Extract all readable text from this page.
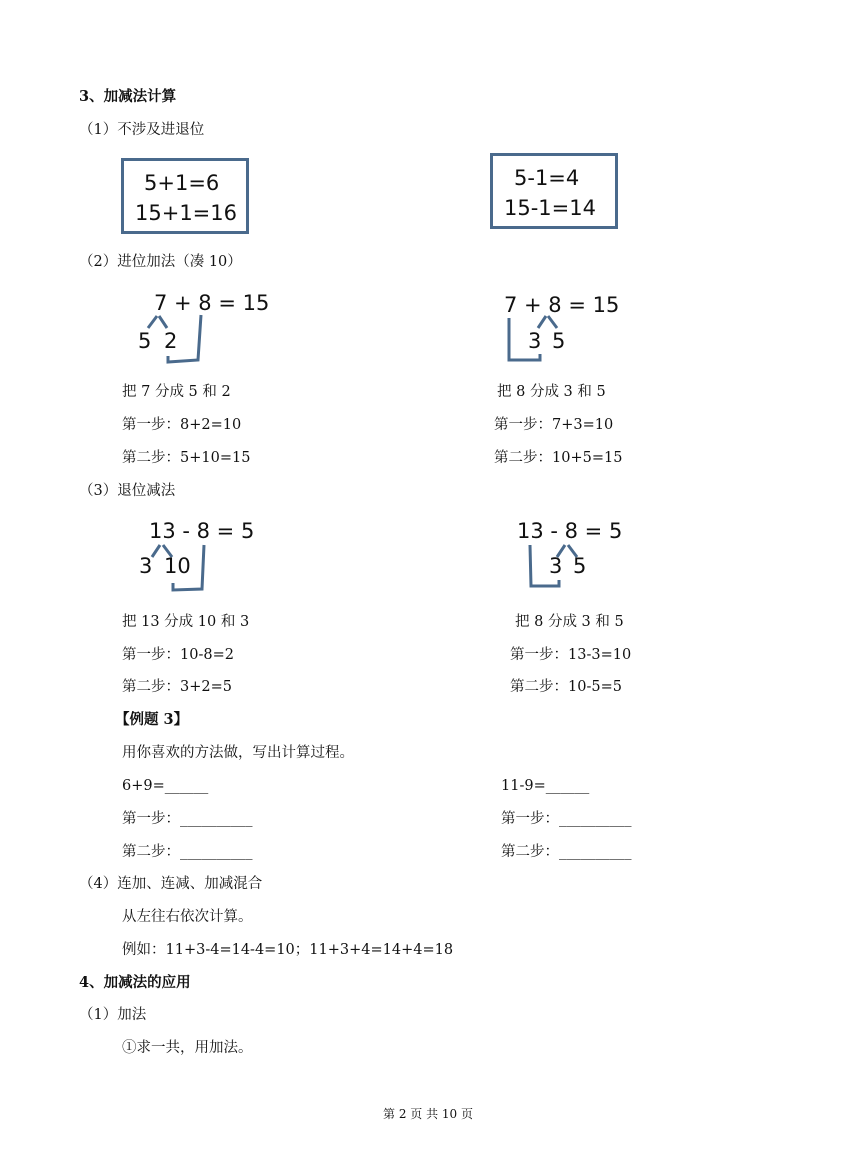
3、加减法计算
（1）不涉及进退位
5+1=6
15+1=16
5-1=4
15-1=14
（2）进位加法（凑 10）
7 + 8 = 15
5 2
把 7 分成 5 和 2
第一步：8+2=10
第二步：5+10=15
7 + 8 = 15
3 5
把 8 分成 3 和 5
第一步：7+3=10
第二步：10+5=15
（3）退位减法
13 - 8 = 5
3 10
把 13 分成 10 和 3
第一步：10-8=2
第二步：3+2=5
13 - 8 = 5
3 5
把 8 分成 3 和 5
第一步：13-3=10
第二步：10-5=5
【例题 3】
用你喜欢的方法做，写出计算过程。
6+9=______
第一步：__________
第二步：__________
11-9=______
第一步：__________
第二步：__________
（4）连加、连减、加减混合
从左往右依次计算。
例如：11+3-4=14-4=10；11+3+4=14+4=18
4、加减法的应用
（1）加法
①求一共，用加法。
第 2 页 共 10 页
